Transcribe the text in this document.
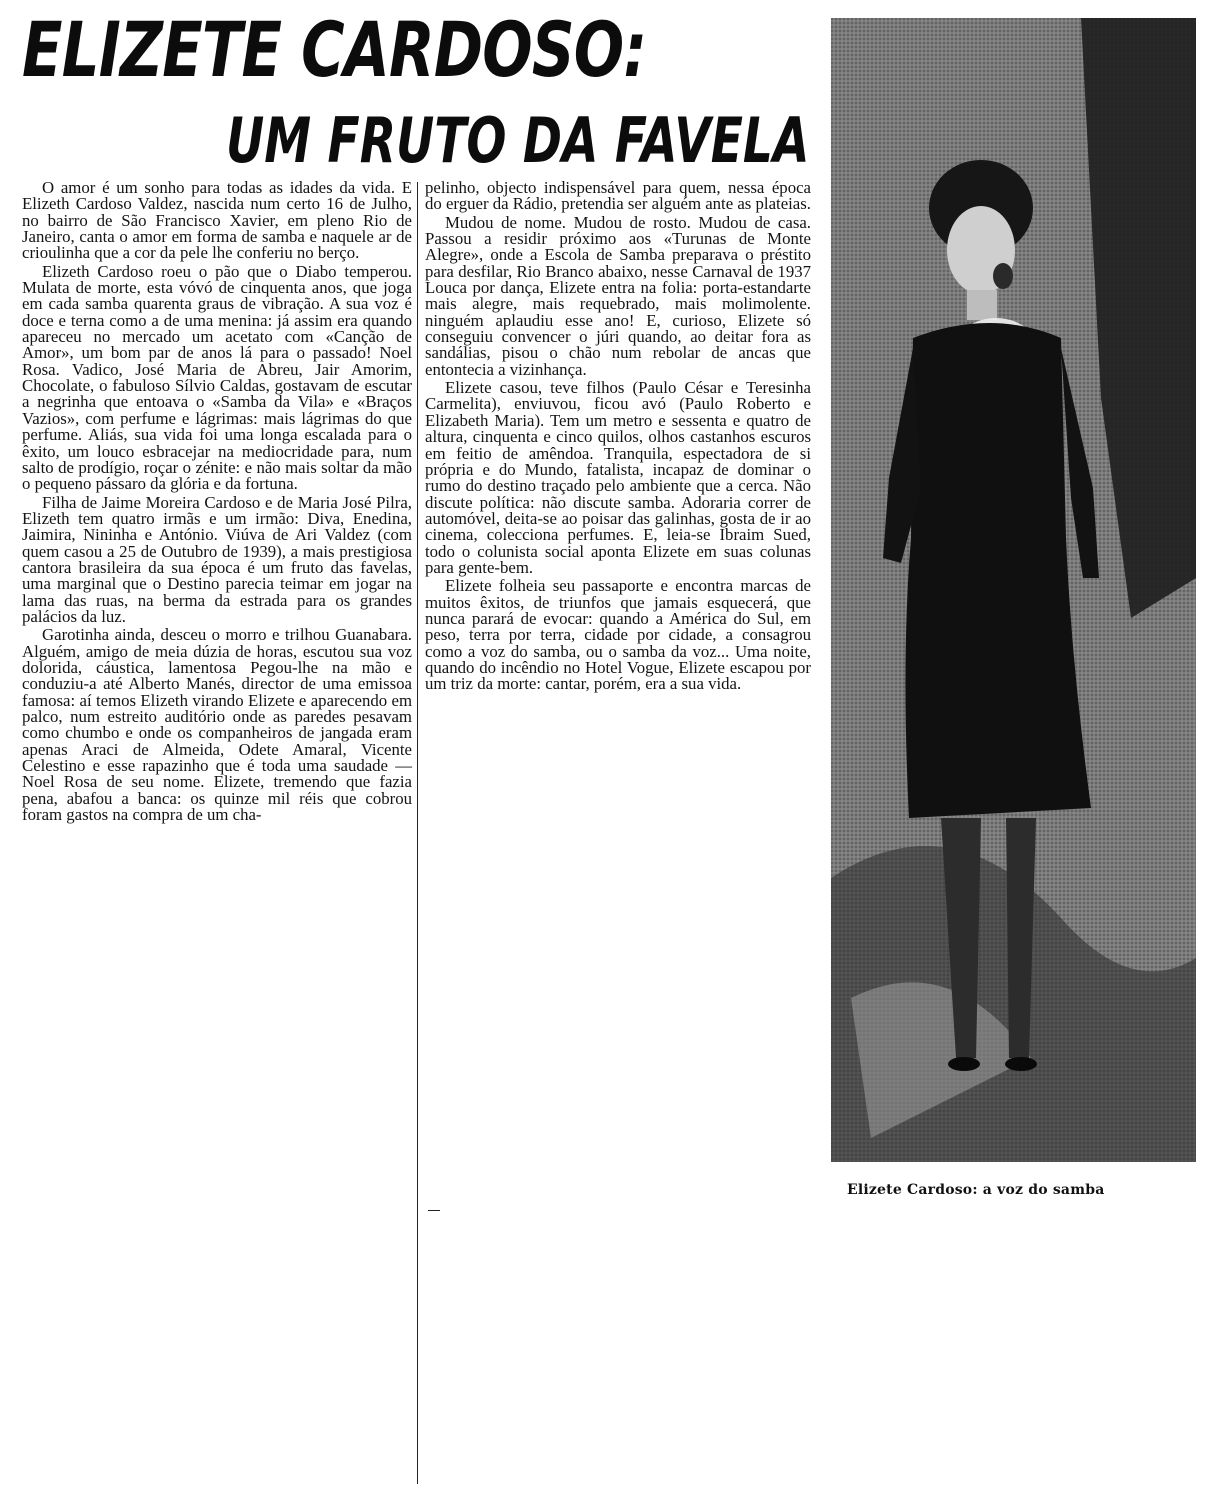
ELIZETE CARDOSO:
UM FRUTO DA FAVELA

O amor é um sonho para todas as idades da vida. E Elizeth Cardoso Valdez, nascida num certo 16 de Julho, no bairro de São Francisco Xavier, em pleno Rio de Janeiro, canta o amor em forma de samba e naquele ar de crioulinha que a cor da pele lhe conferiu no berço.

Elizeth Cardoso roeu o pão que o Diabo temperou. Mulata de morte, esta vóvó de cinquenta anos, que joga em cada samba quarenta graus de vibração. A sua voz é doce e terna como a de uma menina: já assim era quando apareceu no mercado um acetato com «Canção de Amor», um bom par de anos lá para o passado! Noel Rosa. Vadico, José Maria de Abreu, Jair Amorim, Chocolate, o fabuloso Sílvio Caldas, gostavam de escutar a negrinha que entoava o «Samba da Vila» e «Braços Vazios», com perfume e lágrimas: mais lágrimas do que perfume. Aliás, sua vida foi uma longa escalada para o êxito, um louco esbracejar na mediocridade para, num salto de prodígio, roçar o zénite: e não mais soltar da mão o pequeno pássaro da glória e da fortuna.

Filha de Jaime Moreira Cardoso e de Maria José Pilra, Elizeth tem quatro irmãs e um irmão: Diva, Enedina, Jaimira, Nininha e António. Viúva de Ari Valdez (com quem casou a 25 de Outubro de 1939), a mais prestigiosa cantora brasileira da sua época é um fruto das favelas, uma marginal que o Destino parecia teimar em jogar na lama das ruas, na berma da estrada para os grandes palácios da luz.

Garotinha ainda, desceu o morro e trilhou Guanabara. Alguém, amigo de meia dúzia de horas, escutou sua voz dolorida, cáustica, lamentosa Pegou-lhe na mão e conduziu-a até Alberto Manés, director de uma emissoa famosa: aí temos Elizeth virando Elizete e aparecendo em palco, num estreito auditório onde as paredes pesavam como chumbo e onde os companheiros de jangada eram apenas Araci de Almeida, Odete Amaral, Vicente Celestino e esse rapazinho que é toda uma saudade — Noel Rosa de seu nome. Elizete, tremendo que fazia pena, abafou a banca: os quinze mil réis que cobrou foram gastos na compra de um cha-

pelinho, objecto indispensável para quem, nessa época do erguer da Rádio, pretendia ser alguém ante as plateias.

Mudou de nome. Mudou de rosto. Mudou de casa. Passou a residir próximo aos «Turunas de Monte Alegre», onde a Escola de Samba preparava o préstito para desfilar, Rio Branco abaixo, nesse Carnaval de 1937 Louca por dança, Elizete entra na folia: porta-estandarte mais alegre, mais requebrado, mais molimolente. ninguém aplaudiu esse ano! E, curioso, Elizete só conseguiu convencer o júri quando, ao deitar fora as sandálias, pisou o chão num rebolar de ancas que entontecia a vizinhança.

Elizete casou, teve filhos (Paulo César e Teresinha Carmelita), enviuvou, ficou avó (Paulo Roberto e Elizabeth Maria). Tem um metro e sessenta e quatro de altura, cinquenta e cinco quilos, olhos castanhos escuros em feitio de amêndoa. Tranquila, espectadora de si própria e do Mundo, fatalista, incapaz de dominar o rumo do destino traçado pelo ambiente que a cerca. Não discute política: não discute samba. Adoraria correr de automóvel, deita-se ao poisar das galinhas, gosta de ir ao cinema, colecciona perfumes. E, leia-se Ibraim Sued, todo o colunista social aponta Elizete em suas colunas para gente-bem.

Elizete folheia seu passaporte e encontra marcas de muitos êxitos, de triunfos que jamais esquecerá, que nunca parará de evocar: quando a América do Sul, em peso, terra por terra, cidade por cidade, a consagrou como a voz do samba, ou o samba da voz... Uma noite, quando do incêndio no Hotel Vogue, Elizete escapou por um triz da morte: cantar, porém, era a sua vida.

Elizete Cardoso: a voz do samba
